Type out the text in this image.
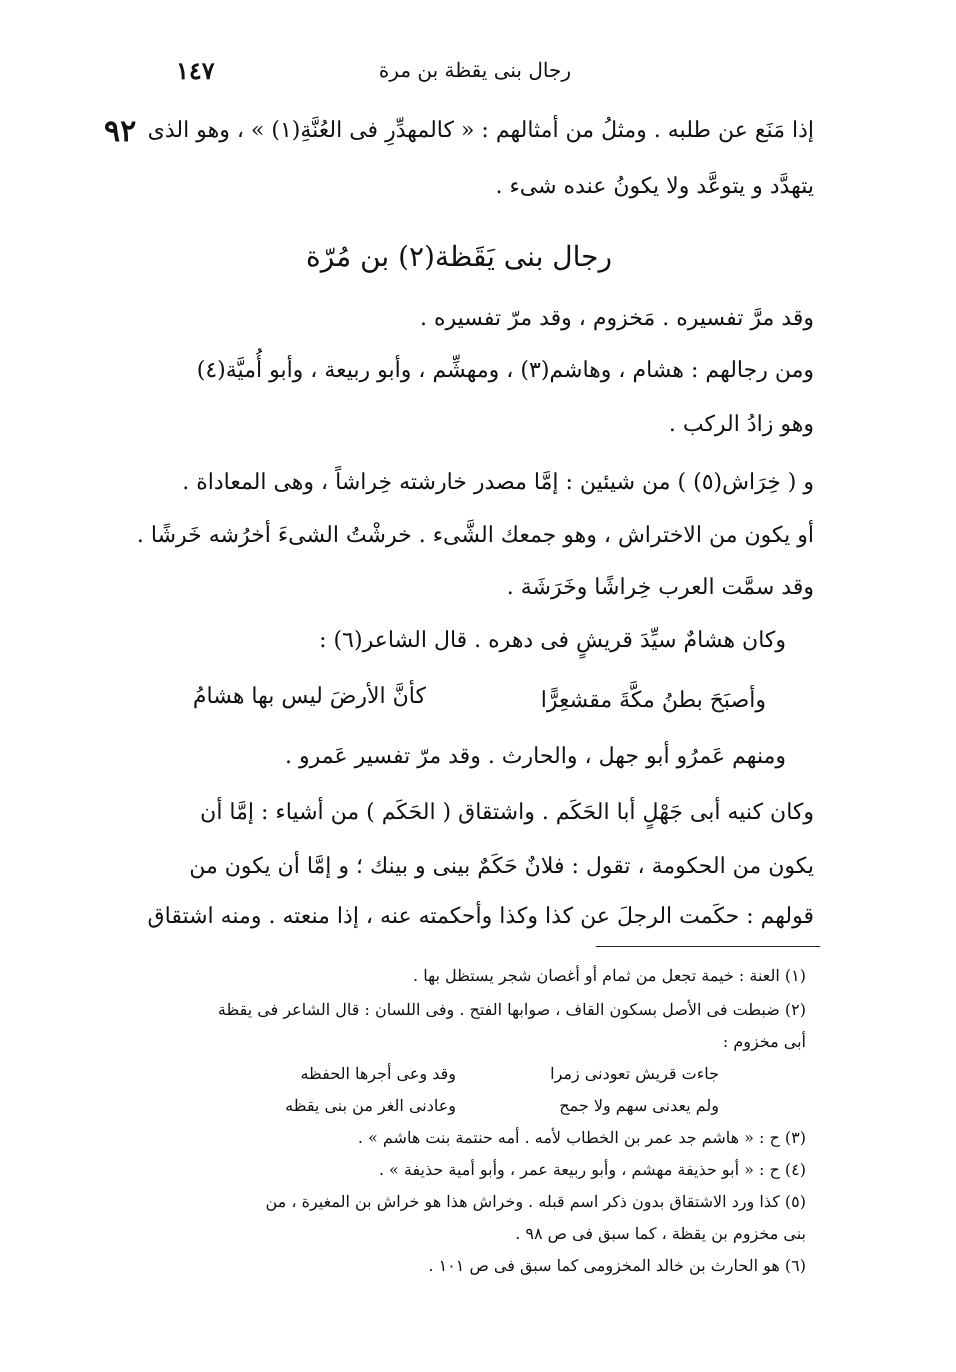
رجال بنى يقظة بن مرة
١٤٧
٩٢ إذا مَنَع عن طلبه . ومثلُ من أمثالهم : « كالمهدِّرِ فى العُنَّةِ(١) » ، وهو الذى
يتهدَّد و يتوعَّد ولا يكونُ عنده شىء .
رجال بنى يَقَظة(٢) بن مُرّة
وقد مرَّ تفسيره . مَخزوم ، وقد مرّ تفسيره .
ومن رجالهم : هشام ، وهاشم(٣) ، ومهشِّم ، وأبو ربيعة ، وأبو أُميَّة(٤)
وهو زادُ الركب .
و ( خِرَاش(٥) ) من شيئين : إمَّا مصدر خارشته خِراشاً ، وهى المعاداة .
أو يكون من الاختراش ، وهو جمعك الشَّىء . خرشْتُ الشىءَ أخرُشه خَرشًا .
وقد سمَّت العرب خِراشًا وخَرَشَة .
وكان هشامٌ سيِّدَ قريشٍ فى دهره . قال الشاعر(٦) :
وأصبَحَ بطنُ مكَّةَ مقشعِرًّا
كأنَّ الأرضَ ليس بها هشامُ
ومنهم عَمرُو أبو جهل ، والحارث . وقد مرّ تفسير عَمرو .
وكان كنيه أبى جَهْلٍ أبا الحَكَم . واشتقاق ( الحَكَم ) من أشياء : إمَّا أن
يكون من الحكومة ، تقول : فلانٌ حَكَمٌ بينى و بينك ؛ و إمَّا أن يكون من
قولهم : حكَمت الرجلَ عن كذا وكذا وأحكمته عنه ، إذا منعته . ومنه اشتقاق
(١) العنة : خيمة تجعل من ثمام أو أغصان شجر يستظل بها .
(٢) ضبطت فى الأصل بسكون القاف ، صوابها الفتح . وفى اللسان : قال الشاعر فى يقظة
أبى مخزوم :
جاءت قريش تعودنى زمرا
وقد وعى أجرها الحفظه
ولم يعدنى سهم ولا جمح
وعادنى الغر من بنى يقظه
(٣) ح : « هاشم جد عمر بن الخطاب لأمه . أمه حنتمة بنت هاشم » .
(٤) ح : « أبو حذيفة مهشم ، وأبو ربيعة عمر ، وأبو أمية حذيفة » .
(٥) كذا ورد الاشتقاق بدون ذكر اسم قبله . وخراش هذا هو خراش بن المغيرة ، من
بنى مخزوم بن يقظة ، كما سبق فى ص ٩٨ .
(٦) هو الحارث بن خالد المخزومى كما سبق فى ص ١٠١ .
